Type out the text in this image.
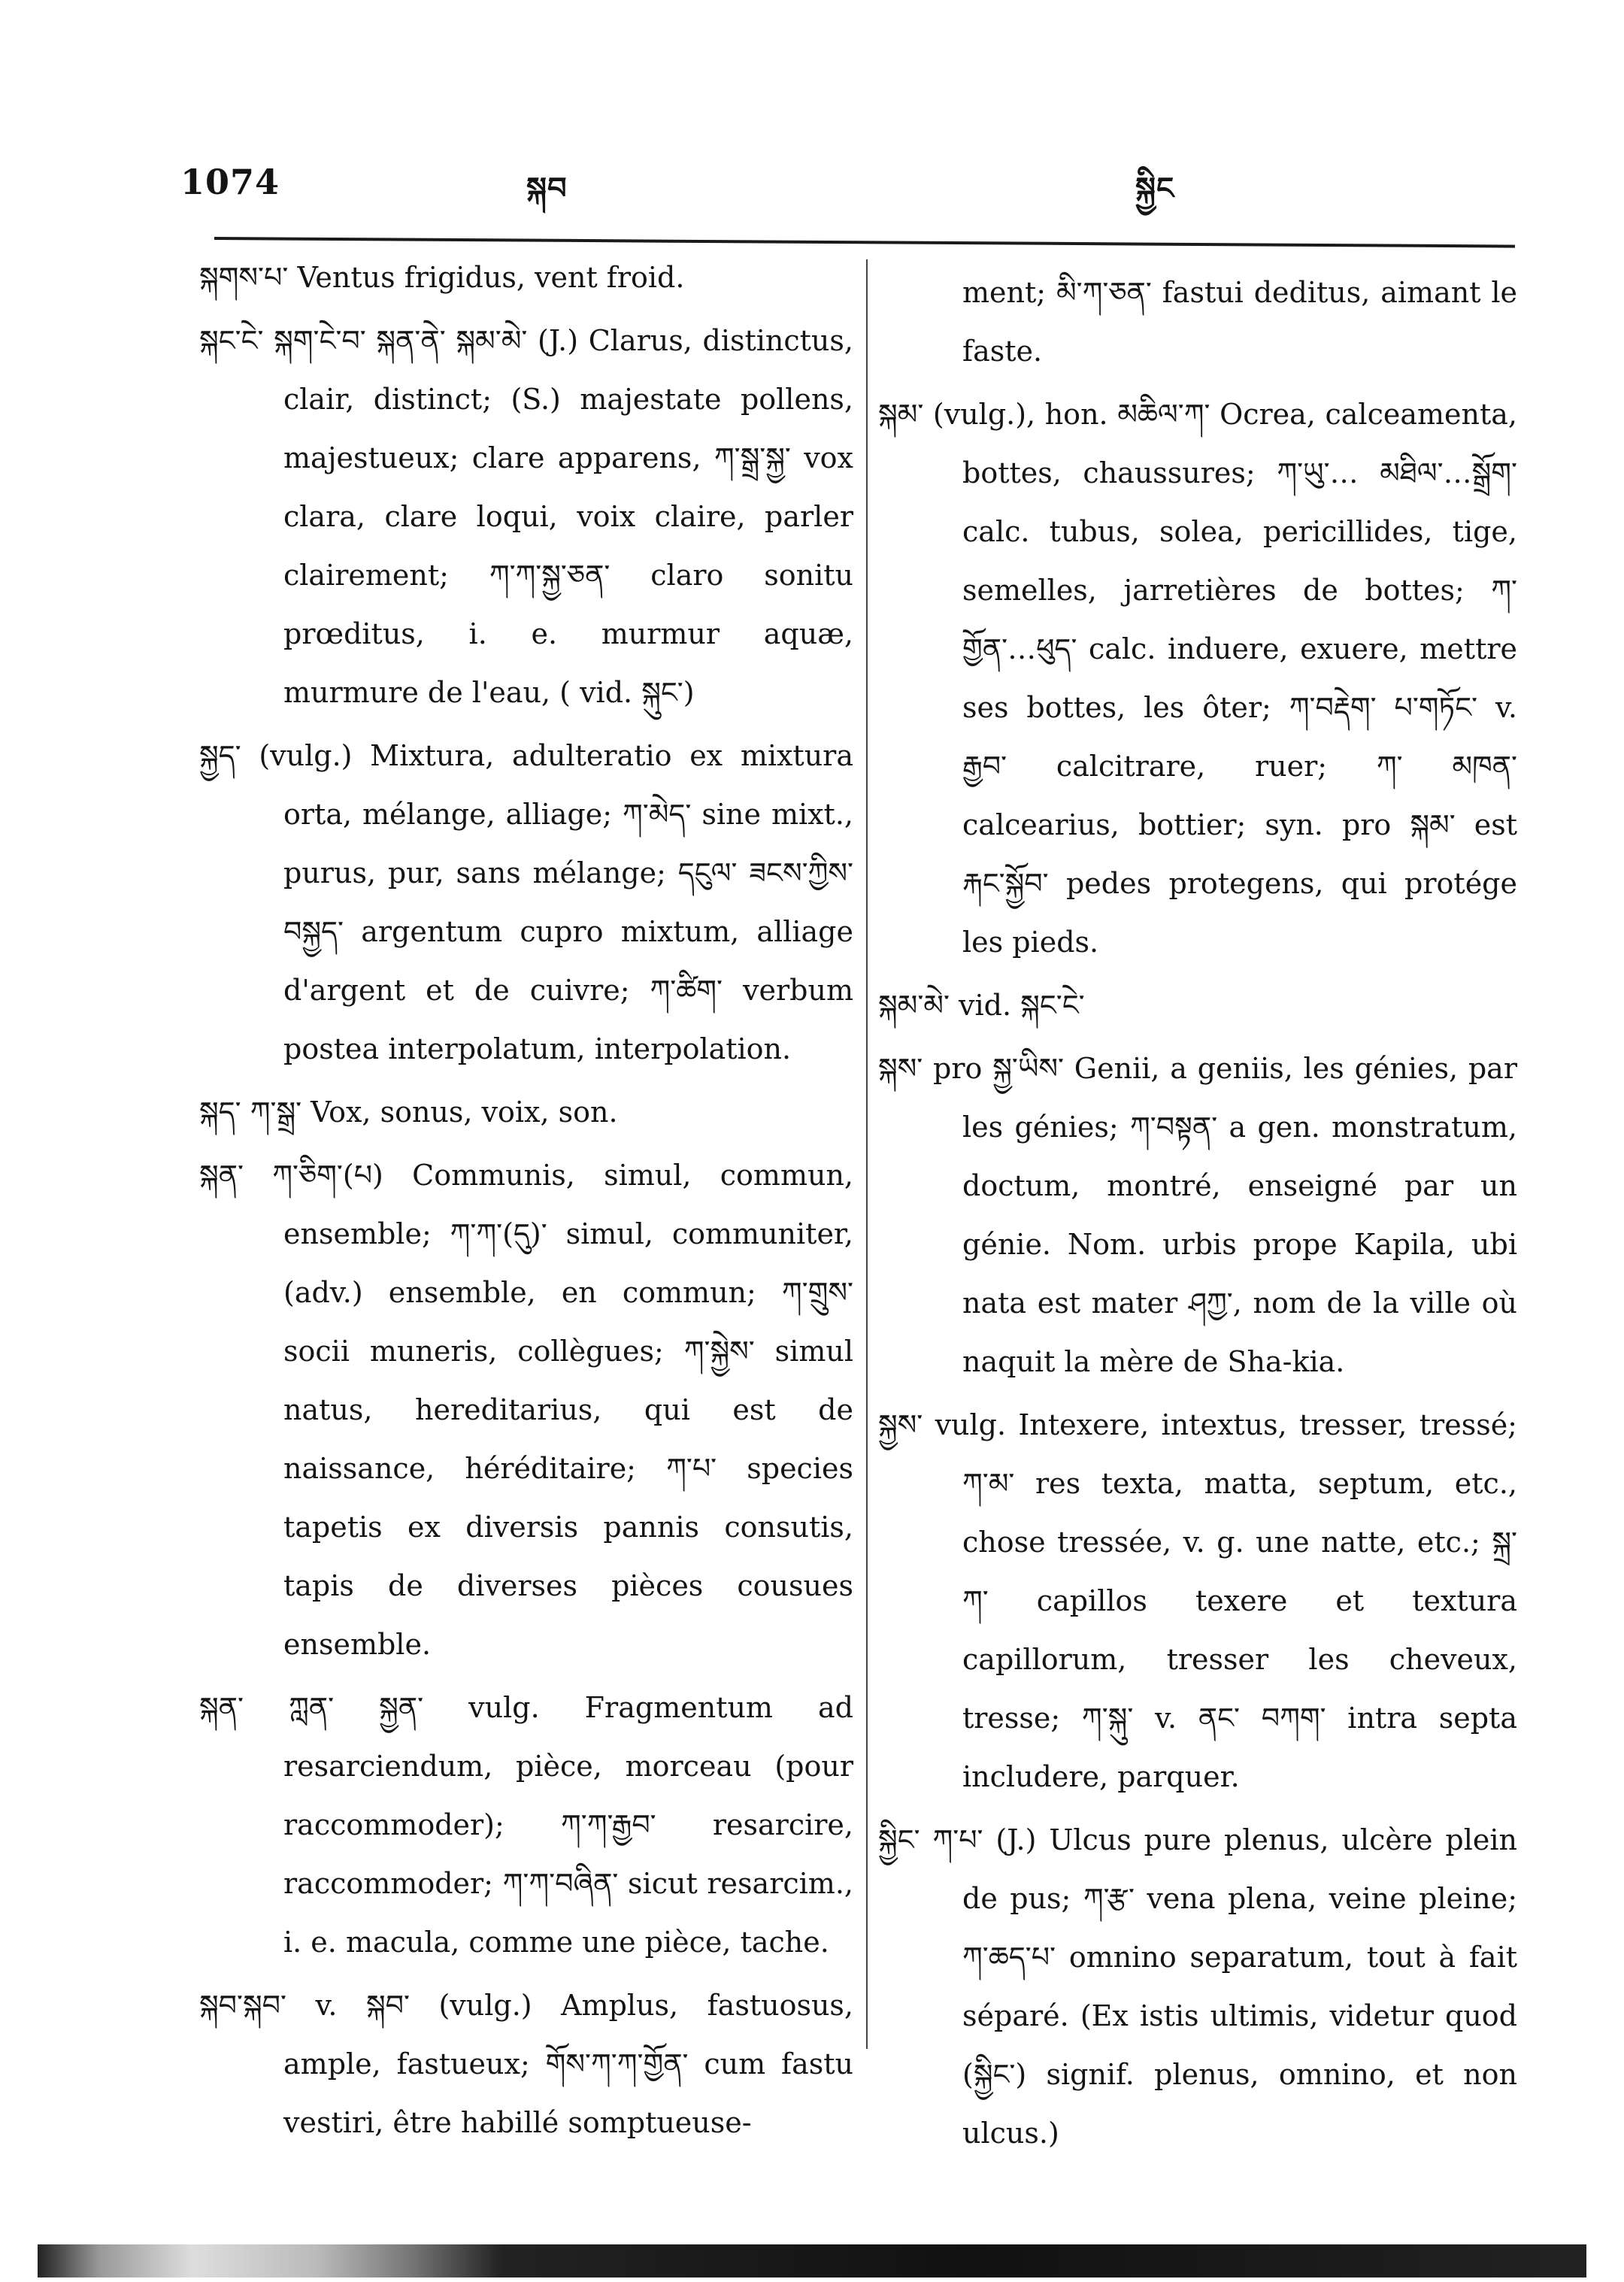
1074	སྐབ	སྐྱིང

སྐགས་པ་ Ventus frigidus, vent froid.

སྐང་ངེ་ སྐག་ངེ་བ་ སྐན་ནེ་ སྐམ་མེ་ (J.) Clarus, distinctus, clair, distinct; (S.) majestate pollens, majestueux; clare apparens, ཀ་སྒྲ་སྐྱ་ vox clara, clare loqui, voix claire, parler clairement; ཀ་ཀ་སྐྱ་ཅན་ claro sonitu prœditus, i. e. murmur aquæ, murmure de l'eau, ( vid. སྐུང་)

སྐྱད་ (vulg.) Mixtura, adulteratio ex mixtura orta, mélange, alliage; ཀ་མེད་ sine mixt., purus, pur, sans mélange; དངུལ་ ཟངས་ཀྱིས་བསྐྱད་ argentum cupro mixtum, alliage d'argent et de cuivre; ཀ་ཚིག་ verbum postea interpolatum, interpolation.

སྐད་ ཀ་སྒྲ་ Vox, sonus, voix, son.

སྐན་ ཀ་ཅིག་(པ) Communis, simul, commun, ensemble; ཀ་ཀ་(དུ)་ simul, communiter, (adv.) ensemble, en commun; ཀ་གྲུས་ socii muneris, collègues; ཀ་སྐྱེས་ simul natus, hereditarius, qui est de naissance, héréditaire; ཀ་པ་ species tapetis ex diversis pannis consutis, tapis de diverses pièces cousues ensemble.

སྐན་ ཀླན་ སྐྱན་ vulg. Fragmentum ad resarciendum, pièce, morceau (pour raccommoder); ཀ་ཀ་རྒྱབ་ resarcire, raccommoder; ཀ་ཀ་བཞིན་ sicut resarcim., i. e. macula, comme une pièce, tache.

སྐབ་སྐབ་ v. སྐབ་ (vulg.) Amplus, fastuosus, ample, fastueux; གོས་ཀ་ཀ་གྱོན་ cum fastu vestiri, être habillé somptueuse-

ment; མི་ཀ་ཅན་ fastui deditus, aimant le faste.

སྐམ་ (vulg.), hon. མཆིལ་ཀ་ Ocrea, calceamenta, bottes, chaussures; ཀ་ཡུ་… མཐིལ་…སྒྲོག་ calc. tubus, solea, pericillides, tige, semelles, jarretières de bottes; ཀ་གྱོན་…ཕུད་ calc. induere, exuere, mettre ses bottes, les ôter; ཀ་བརྡེག་ པ་གཏོང་ v. རྒྱབ་ calcitrare, ruer; ཀ་ མཁན་ calcearius, bottier; syn. pro སྐམ་ est རྐང་སྐྱོབ་ pedes protegens, qui protége les pieds.

སྐམ་མེ་ vid. སྐང་ངེ་

སྐས་ pro སྐྱ་ཡིས་ Genii, a geniis, les génies, par les génies; ཀ་བསྟན་ a gen. monstratum, doctum, montré, enseigné par un génie. Nom. urbis prope Kapila, ubi nata est mater ཤཀྱ་, nom de la ville où naquit la mère de Sha-kia.

སྐྱས་ vulg. Intexere, intextus, tresser, tressé; ཀ་མ་ res texta, matta, septum, etc., chose tressée, v. g. une natte, etc.; སྐྲ་ཀ་ capillos texere et textura capillorum, tresser les cheveux, tresse; ཀ་སྐུ་ v. ནང་ བཀག་ intra septa includere, parquer.

སྐྱིང་ ཀ་པ་ (J.) Ulcus pure plenus, ulcère plein de pus; ཀ་རྩ་ vena plena, veine pleine; ཀ་ཆད་པ་ omnino separatum, tout à fait séparé. (Ex istis ultimis, videtur quod (སྐྱིང་) signif. plenus, omnino, et non ulcus.)
